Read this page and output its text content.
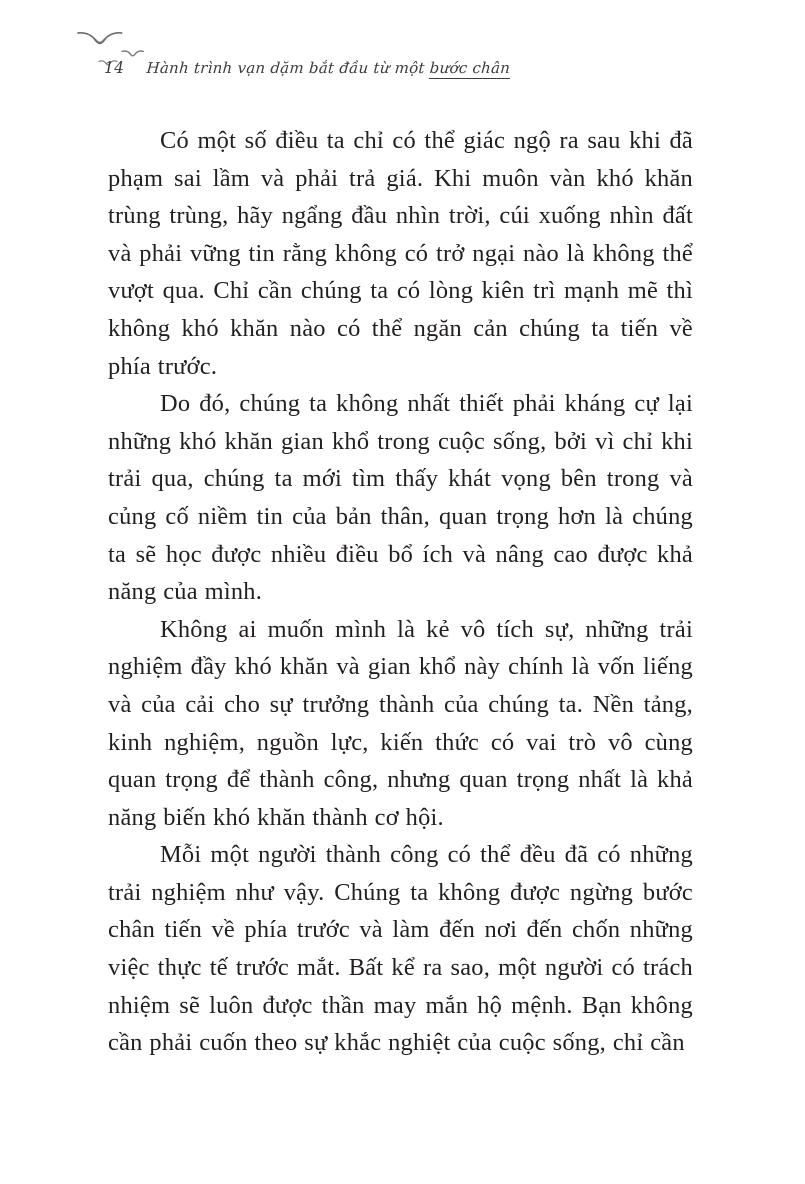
14 Hành trình vạn dặm bắt đầu từ một bước chân

Có một số điều ta chỉ có thể giác ngộ ra sau khi đã phạm sai lầm và phải trả giá. Khi muôn vàn khó khăn trùng trùng, hãy ngẩng đầu nhìn trời, cúi xuống nhìn đất và phải vững tin rằng không có trở ngại nào là không thể vượt qua. Chỉ cần chúng ta có lòng kiên trì mạnh mẽ thì không khó khăn nào có thể ngăn cản chúng ta tiến về phía trước.

Do đó, chúng ta không nhất thiết phải kháng cự lại những khó khăn gian khổ trong cuộc sống, bởi vì chỉ khi trải qua, chúng ta mới tìm thấy khát vọng bên trong và củng cố niềm tin của bản thân, quan trọng hơn là chúng ta sẽ học được nhiều điều bổ ích và nâng cao được khả năng của mình.

Không ai muốn mình là kẻ vô tích sự, những trải nghiệm đầy khó khăn và gian khổ này chính là vốn liếng và của cải cho sự trưởng thành của chúng ta. Nền tảng, kinh nghiệm, nguồn lực, kiến thức có vai trò vô cùng quan trọng để thành công, nhưng quan trọng nhất là khả năng biến khó khăn thành cơ hội.

Mỗi một người thành công có thể đều đã có những trải nghiệm như vậy. Chúng ta không được ngừng bước chân tiến về phía trước và làm đến nơi đến chốn những việc thực tế trước mắt. Bất kể ra sao, một người có trách nhiệm sẽ luôn được thần may mắn hộ mệnh. Bạn không cần phải cuốn theo sự khắc nghiệt của cuộc sống, chỉ cần
